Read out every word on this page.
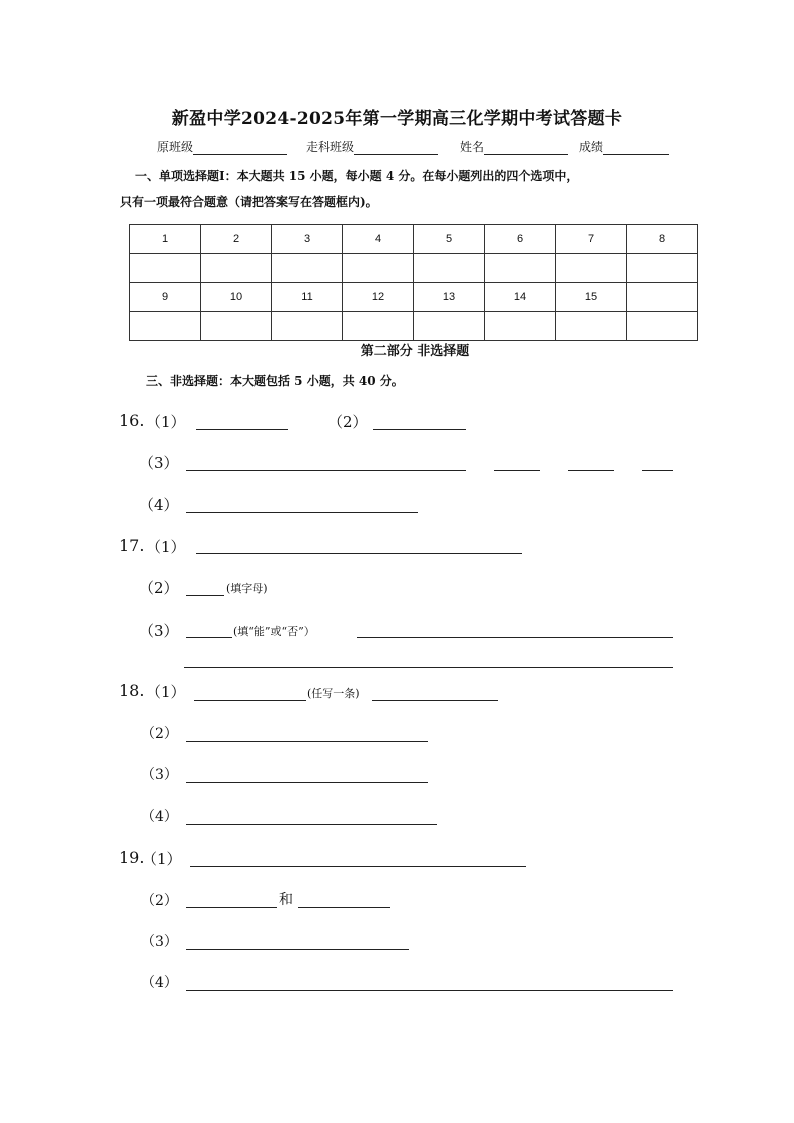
新盈中学2024-2025年第一学期高三化学期中考试答题卡
原班级	走科班级	姓名	成绩
一、单项选择题Ⅰ：本大题共 15 小题，每小题 4 分。在每小题列出的四个选项中，
只有一项最符合题意（请把答案写在答题框内)。
1	2	3	4	5	6	7	8

9	10	11	12	13	14	15	

第二部分 非选择题
三、非选择题：本大题包括 5 小题，共 40 分。
16. （1）	（2）
（3）
（4）
17. （1）
（2）	(填字母)
（3）	(填“能”或“否”）
18. （1）	(任写一条)
（2）
（3）
（4）
19.
（1）
（2）	和
（3）
（4）
